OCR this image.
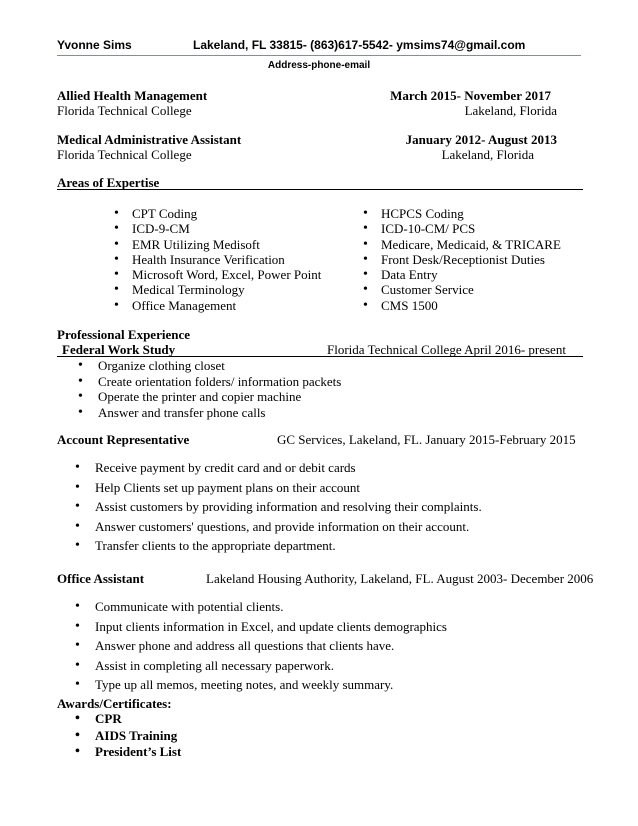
Yvonne Sims	Lakeland, FL 33815- (863)617-5542- ymsims74@gmail.com
Address-phone-email
Allied Health Management	March 2015- November 2017
Florida Technical College	Lakeland, Florida
Medical Administrative Assistant	January 2012- August 2013
Florida Technical College	Lakeland, Florida
Areas of Expertise
• CPT Coding
• ICD-9-CM
• EMR Utilizing Medisoft
• Health Insurance Verification
• Microsoft Word, Excel, Power Point
• Medical Terminology
• Office Management
• HCPCS Coding
• ICD-10-CM/ PCS
• Medicare, Medicaid, & TRICARE
• Front Desk/Receptionist Duties
• Data Entry
• Customer Service
• CMS 1500
Professional Experience
Federal Work Study	Florida Technical College April 2016- present
• Organize clothing closet
• Create orientation folders/ information packets
• Operate the printer and copier machine
• Answer and transfer phone calls
Account Representative	GC Services, Lakeland, FL. January 2015-February 2015
• Receive payment by credit card and or debit cards
• Help Clients set up payment plans on their account
• Assist customers by providing information and resolving their complaints.
• Answer customers' questions, and provide information on their account.
• Transfer clients to the appropriate department.
Office Assistant	Lakeland Housing Authority, Lakeland, FL. August 2003- December 2006
• Communicate with potential clients.
• Input clients information in Excel, and update clients demographics
• Answer phone and address all questions that clients have.
• Assist in completing all necessary paperwork.
• Type up all memos, meeting notes, and weekly summary.
Awards/Certificates:
• CPR
• AIDS Training
• President’s List
